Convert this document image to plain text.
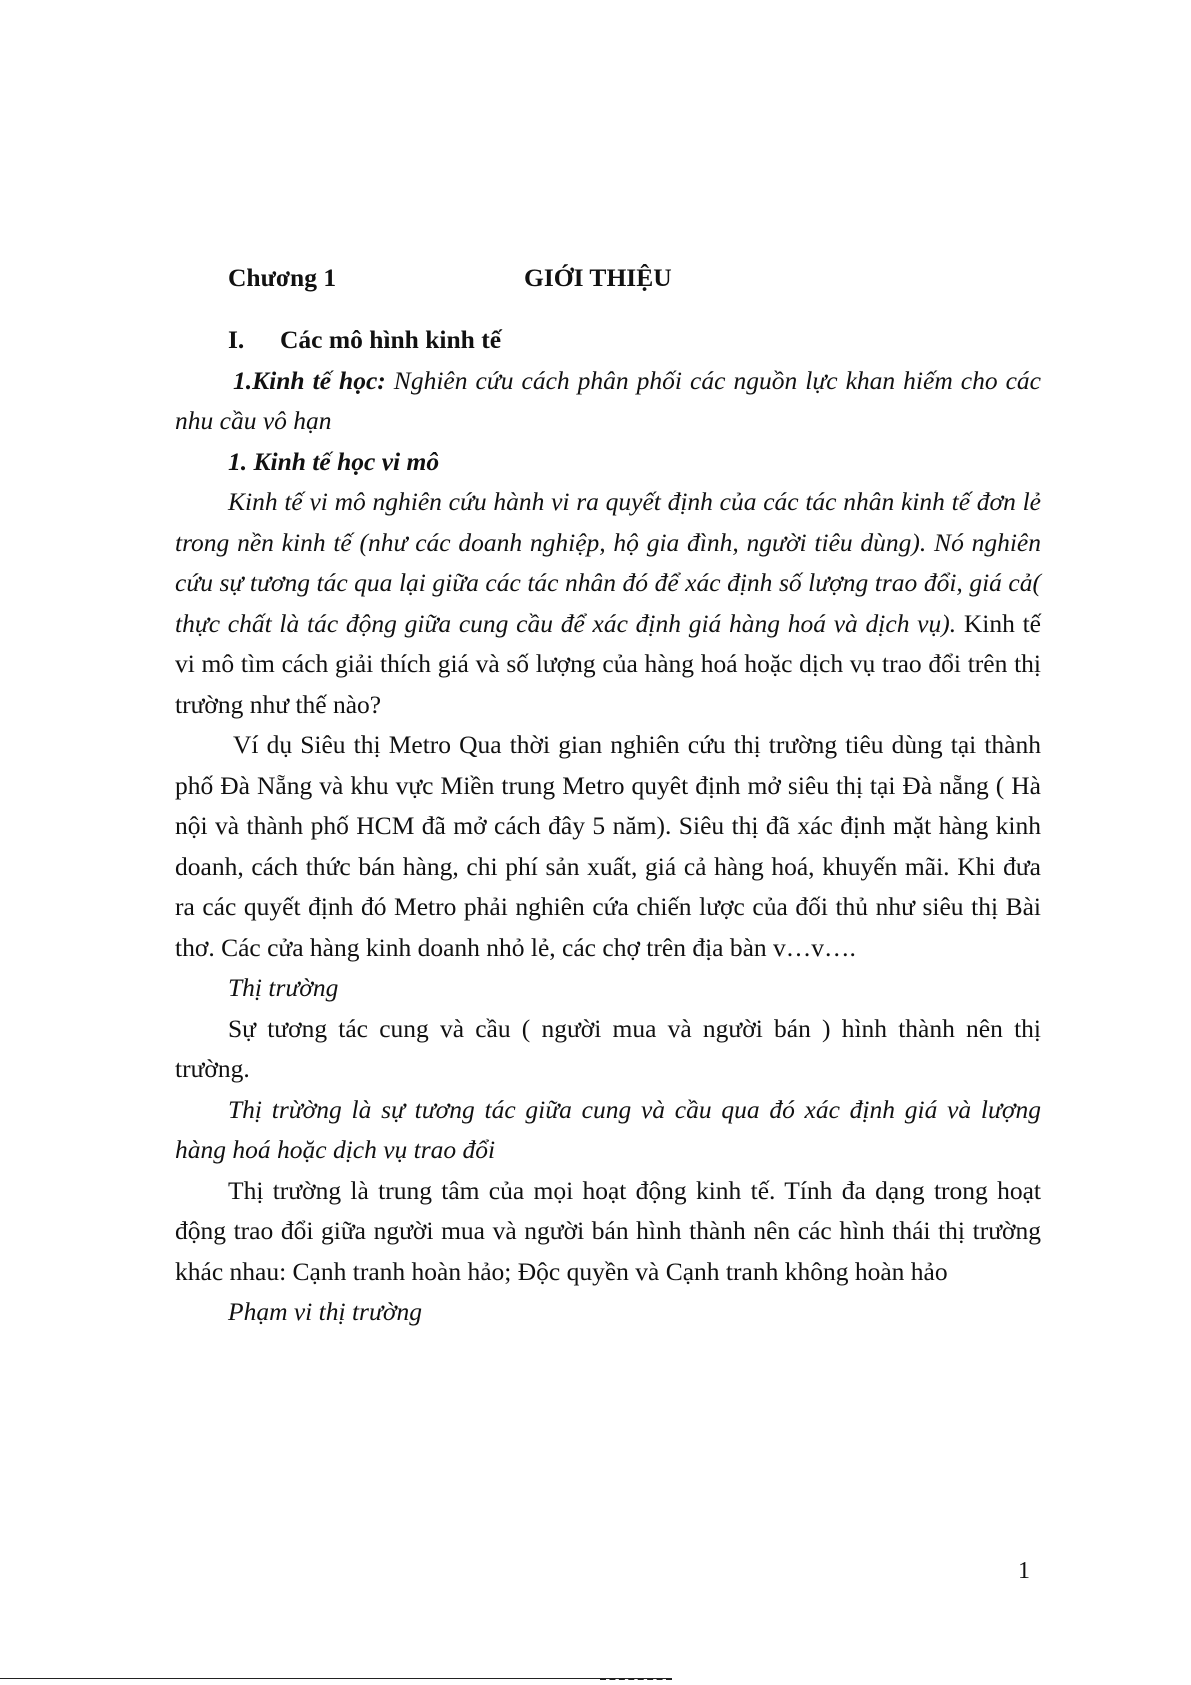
Chương 1	GIỚI THIỆU
I. Các mô hình kinh tế

1.Kinh tế học: Nghiên cứu cách phân phối các nguồn lực khan hiếm cho các nhu cầu vô hạn

1. Kinh tế học vi mô

Kinh tế vi mô nghiên cứu hành vi ra quyết định của các tác nhân kinh tế đơn lẻ trong nền kinh tế (như các doanh nghiệp, hộ gia đình, người tiêu dùng). Nó nghiên cứu sự tương tác qua lại giữa các tác nhân đó để xác định số lượng trao đổi, giá cả( thực chất là tác động giữa cung cầu để xác định giá hàng hoá và dịch vụ). Kinh tế vi mô tìm cách giải thích giá và số lượng của hàng hoá hoặc dịch vụ trao đổi trên thị trường như thế nào?

Ví dụ Siêu thị Metro Qua thời gian nghiên cứu thị trường tiêu dùng tại thành phố Đà Nẵng và khu vực Miền trung Metro quyêt định mở siêu thị tại Đà nẵng ( Hà nội và thành phố HCM đã mở cách đây 5 năm). Siêu thị đã xác định mặt hàng kinh doanh, cách thức bán hàng, chi phí sản xuất, giá cả hàng hoá, khuyến mãi. Khi đưa ra các quyết định đó Metro phải nghiên cứa chiến lược của đối thủ như siêu thị Bài thơ. Các cửa hàng kinh doanh nhỏ lẻ, các chợ trên địa bàn v…v….

Thị trường

Sự tương tác cung và cầu ( người mua và người bán ) hình thành nên thị trường.

Thị trừờng là sự tương tác giữa cung và cầu qua đó xác định giá và lượng hàng hoá hoặc dịch vụ trao đổi

Thị trường là trung tâm của mọi hoạt động kinh tế. Tính đa dạng trong hoạt động trao đổi giữa người mua và người bán hình thành nên các hình thái thị trường khác nhau: Cạnh tranh hoàn hảo; Độc quyền và Cạnh tranh không hoàn hảo

Phạm vi thị trường

1
